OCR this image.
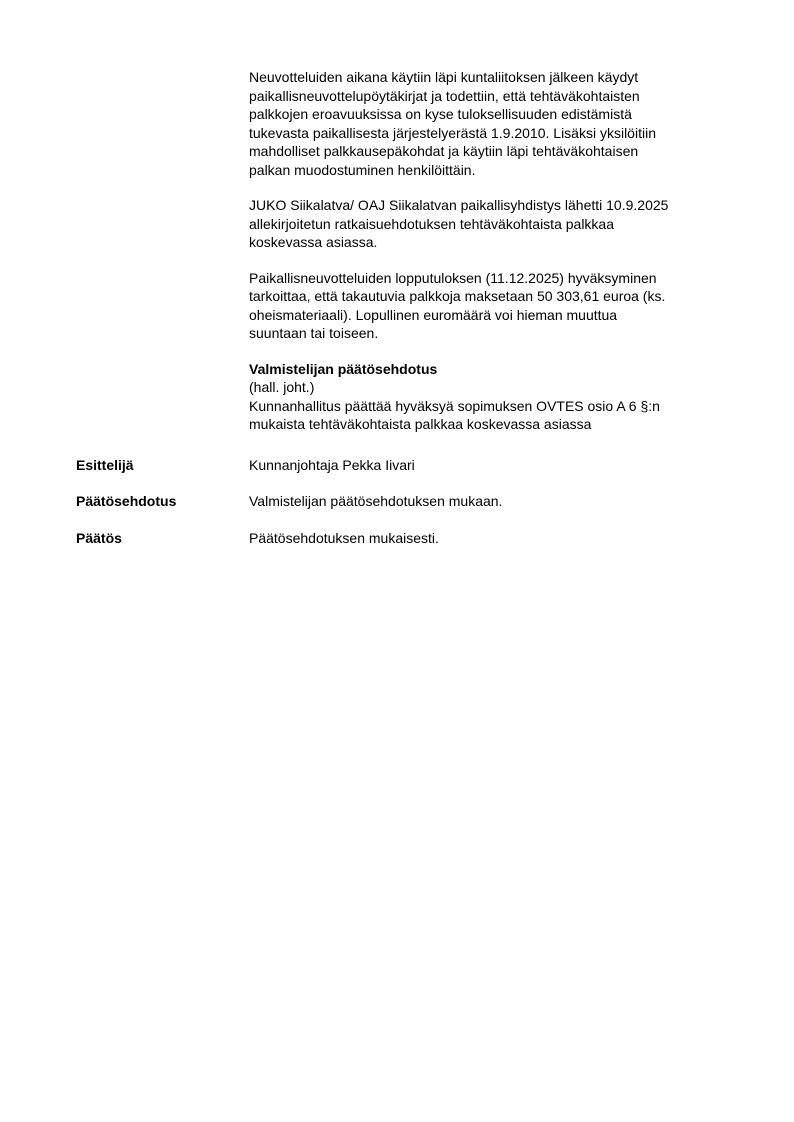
Neuvotteluiden aikana käytiin läpi kuntaliitoksen jälkeen käydyt
paikallisneuvottelupöytäkirjat ja todettiin, että tehtäväkohtaisten
palkkojen eroavuuksissa on kyse tuloksellisuuden edistämistä
tukevasta paikallisesta järjestelyerästä 1.9.2010. Lisäksi yksilöitiin
mahdolliset palkkausepäkohdat ja käytiin läpi tehtäväkohtaisen
palkan muodostuminen henkilöittäin.

JUKO Siikalatva/ OAJ Siikalatvan paikallisyhdistys lähetti 10.9.2025
allekirjoitetun ratkaisuehdotuksen tehtäväkohtaista palkkaa
koskevassa asiassa.

Paikallisneuvotteluiden lopputuloksen (11.12.2025) hyväksyminen
tarkoittaa, että takautuvia palkkoja maksetaan 50 303,61 euroa (ks.
oheismateriaali). Lopullinen euromäärä voi hieman muuttua
suuntaan tai toiseen.

Valmistelijan päätösehdotus
(hall. joht.)
Kunnanhallitus päättää hyväksyä sopimuksen OVTES osio A 6 §:n
mukaista tehtäväkohtaista palkkaa koskevassa asiassa
Esittelijä	Kunnanjohtaja Pekka Iivari
Päätösehdotus	Valmistelijan päätösehdotuksen mukaan.
Päätös	Päätösehdotuksen mukaisesti.
